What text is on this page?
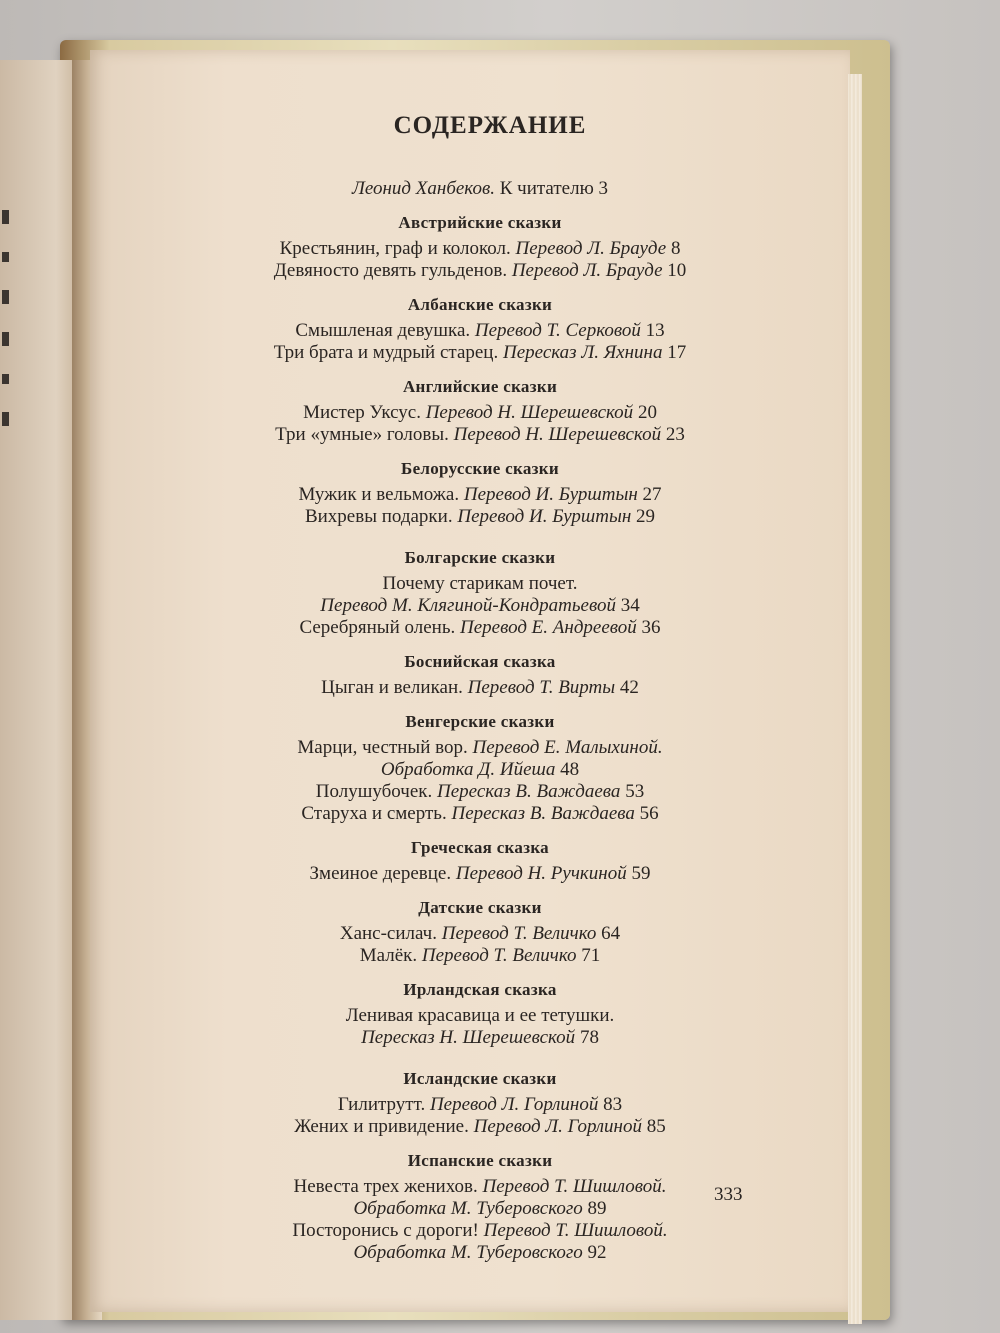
СОДЕРЖАНИЕ
Леонид Ханбеков. К читателю 3
Австрийские сказки
Крестьянин, граф и колокол. Перевод Л. Брауде 8
Девяносто девять гульденов. Перевод Л. Брауде 10
Албанские сказки
Смышленая девушка. Перевод Т. Серковой 13
Три брата и мудрый старец. Пересказ Л. Яхнина 17
Английские сказки
Мистер Уксус. Перевод Н. Шерешевской 20
Три «умные» головы. Перевод Н. Шерешевской 23
Белорусские сказки
Мужик и вельможа. Перевод И. Бурштын 27
Вихревы подарки. Перевод И. Бурштын 29
Болгарские сказки
Почему старикам почет.
Перевод М. Клягиной-Кондратьевой 34
Серебряный олень. Перевод Е. Андреевой 36
Боснийская сказка
Цыган и великан. Перевод Т. Вирты 42
Венгерские сказки
Марци, честный вор. Перевод Е. Малыхиной.
Обработка Д. Ийеша 48
Полушубочек. Пересказ В. Важдаева 53
Старуха и смерть. Пересказ В. Важдаева 56
Греческая сказка
Змеиное деревце. Перевод Н. Ручкиной 59
Датские сказки
Ханс-силач. Перевод Т. Величко 64
Малёк. Перевод Т. Величко 71
Ирландская сказка
Ленивая красавица и ее тетушки.
Пересказ Н. Шерешевской 78
Исландские сказки
Гилитрутт. Перевод Л. Горлиной 83
Жених и привидение. Перевод Л. Горлиной 85
Испанские сказки
Невеста трех женихов. Перевод Т. Шишловой.
Обработка М. Туберовского 89
Посторонись с дороги! Перевод Т. Шишловой.
Обработка М. Туберовского 92
333
